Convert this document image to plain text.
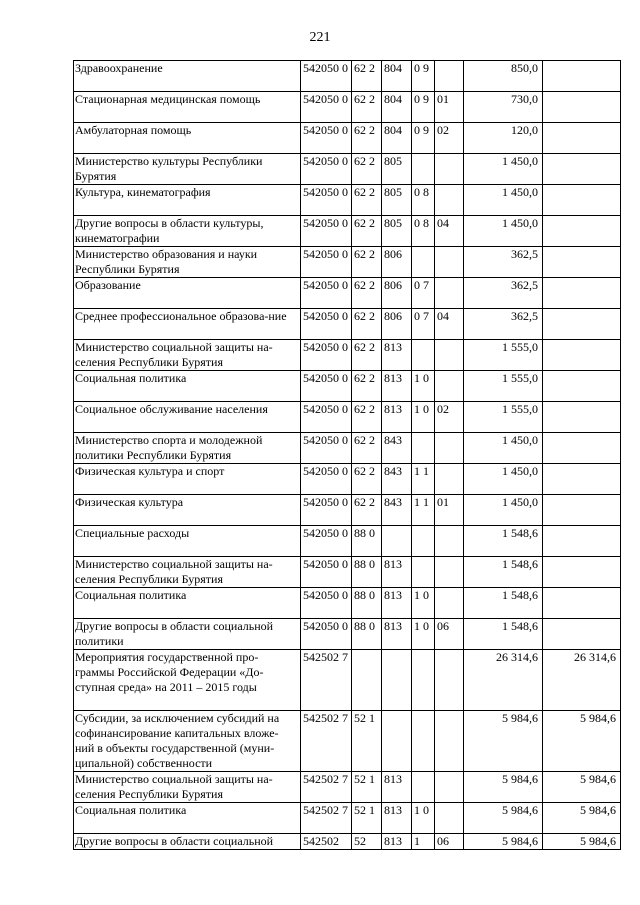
221
Здравоохранение	542050 0	62 2	804	0 9		850,0	
Стационарная медицинская помощь	542050 0	62 2	804	0 9	01	730,0	
Амбулаторная помощь	542050 0	62 2	804	0 9	02	120,0	
Министерство культуры Республики Бурятия	542050 0	62 2	805			1 450,0	
Культура, кинематография	542050 0	62 2	805	0 8		1 450,0	
Другие вопросы в области культуры, кинематографии	542050 0	62 2	805	0 8	04	1 450,0	
Министерство образования и науки Республики Бурятия	542050 0	62 2	806			362,5	
Образование	542050 0	62 2	806	0 7		362,5	
Среднее профессиональное образова-ние	542050 0	62 2	806	0 7	04	362,5	
Министерство социальной защиты на-селения Республики Бурятия	542050 0	62 2	813			1 555,0	
Социальная политика	542050 0	62 2	813	1 0		1 555,0	
Социальное обслуживание населения	542050 0	62 2	813	1 0	02	1 555,0	
Министерство спорта и молодежной политики Республики Бурятия	542050 0	62 2	843			1 450,0	
Физическая культура и спорт	542050 0	62 2	843	1 1		1 450,0	
Физическая культура	542050 0	62 2	843	1 1	01	1 450,0	
Специальные расходы	542050 0	88 0				1 548,6	
Министерство социальной защиты на-селения Республики Бурятия	542050 0	88 0	813			1 548,6	
Социальная политика	542050 0	88 0	813	1 0		1 548,6	
Другие вопросы в области социальной политики	542050 0	88 0	813	1 0	06	1 548,6	
Мероприятия государственной про-граммы Российской Федерации «До-ступная среда» на 2011 – 2015 годы	542502 7					26 314,6	26 314,6
Субсидии, за исключением субсидий на софинансирование капитальных вложе-ний в объекты государственной (муни-ципальной) собственности	542502 7	52 1				5 984,6	5 984,6
Министерство социальной защиты на-селения Республики Бурятия	542502 7	52 1	813			5 984,6	5 984,6
Социальная политика	542502 7	52 1	813	1 0		5 984,6	5 984,6
Другие вопросы в области социальной	542502	52	813	1	06	5 984,6	5 984,6
